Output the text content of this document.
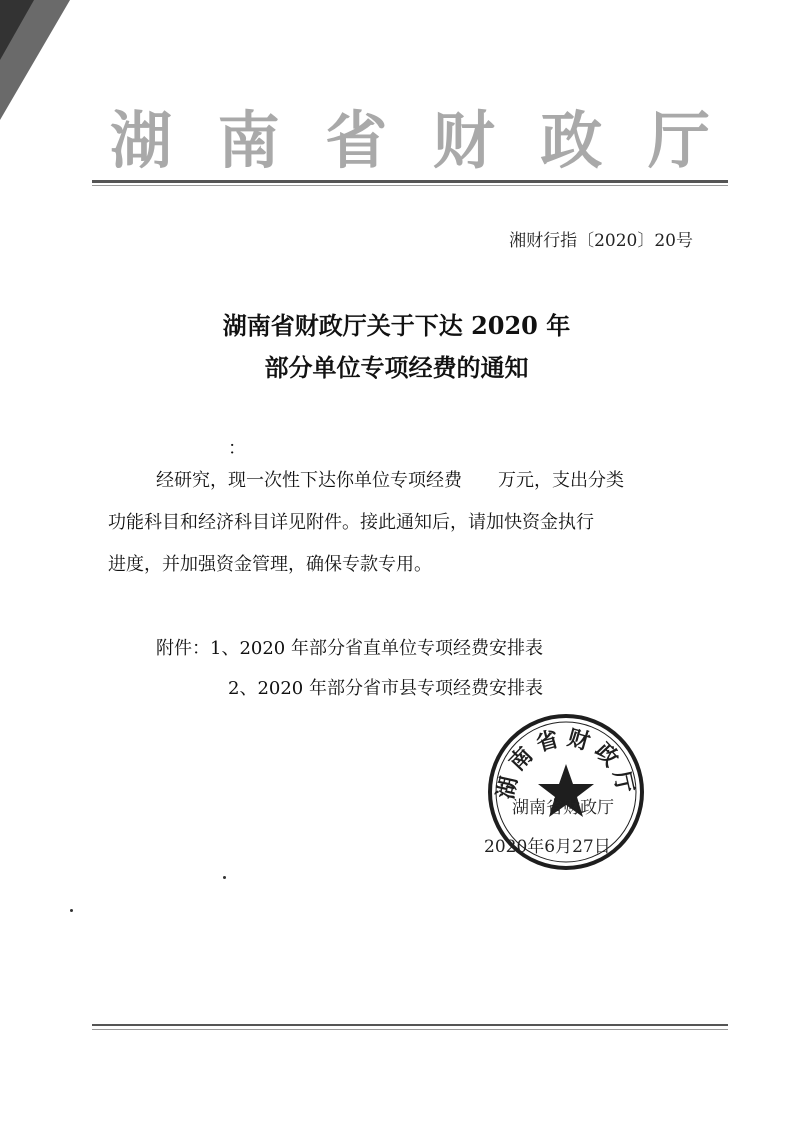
湖 南 省 财 政 厅
湘财行指〔2020〕20号
湖南省财政厅关于下达 2020 年
部分单位专项经费的通知
：
经研究，现一次性下达你单位专项经费　　万元，支出分类
功能科目和经济科目详见附件。接此通知后，请加快资金执行
进度，并加强资金管理，确保专款专用。
附件： 1、2020 年部分省直单位专项经费安排表
2、2020 年部分省市县专项经费安排表
湖南省财政厅
湖南省财政厅
2020年6月27日
